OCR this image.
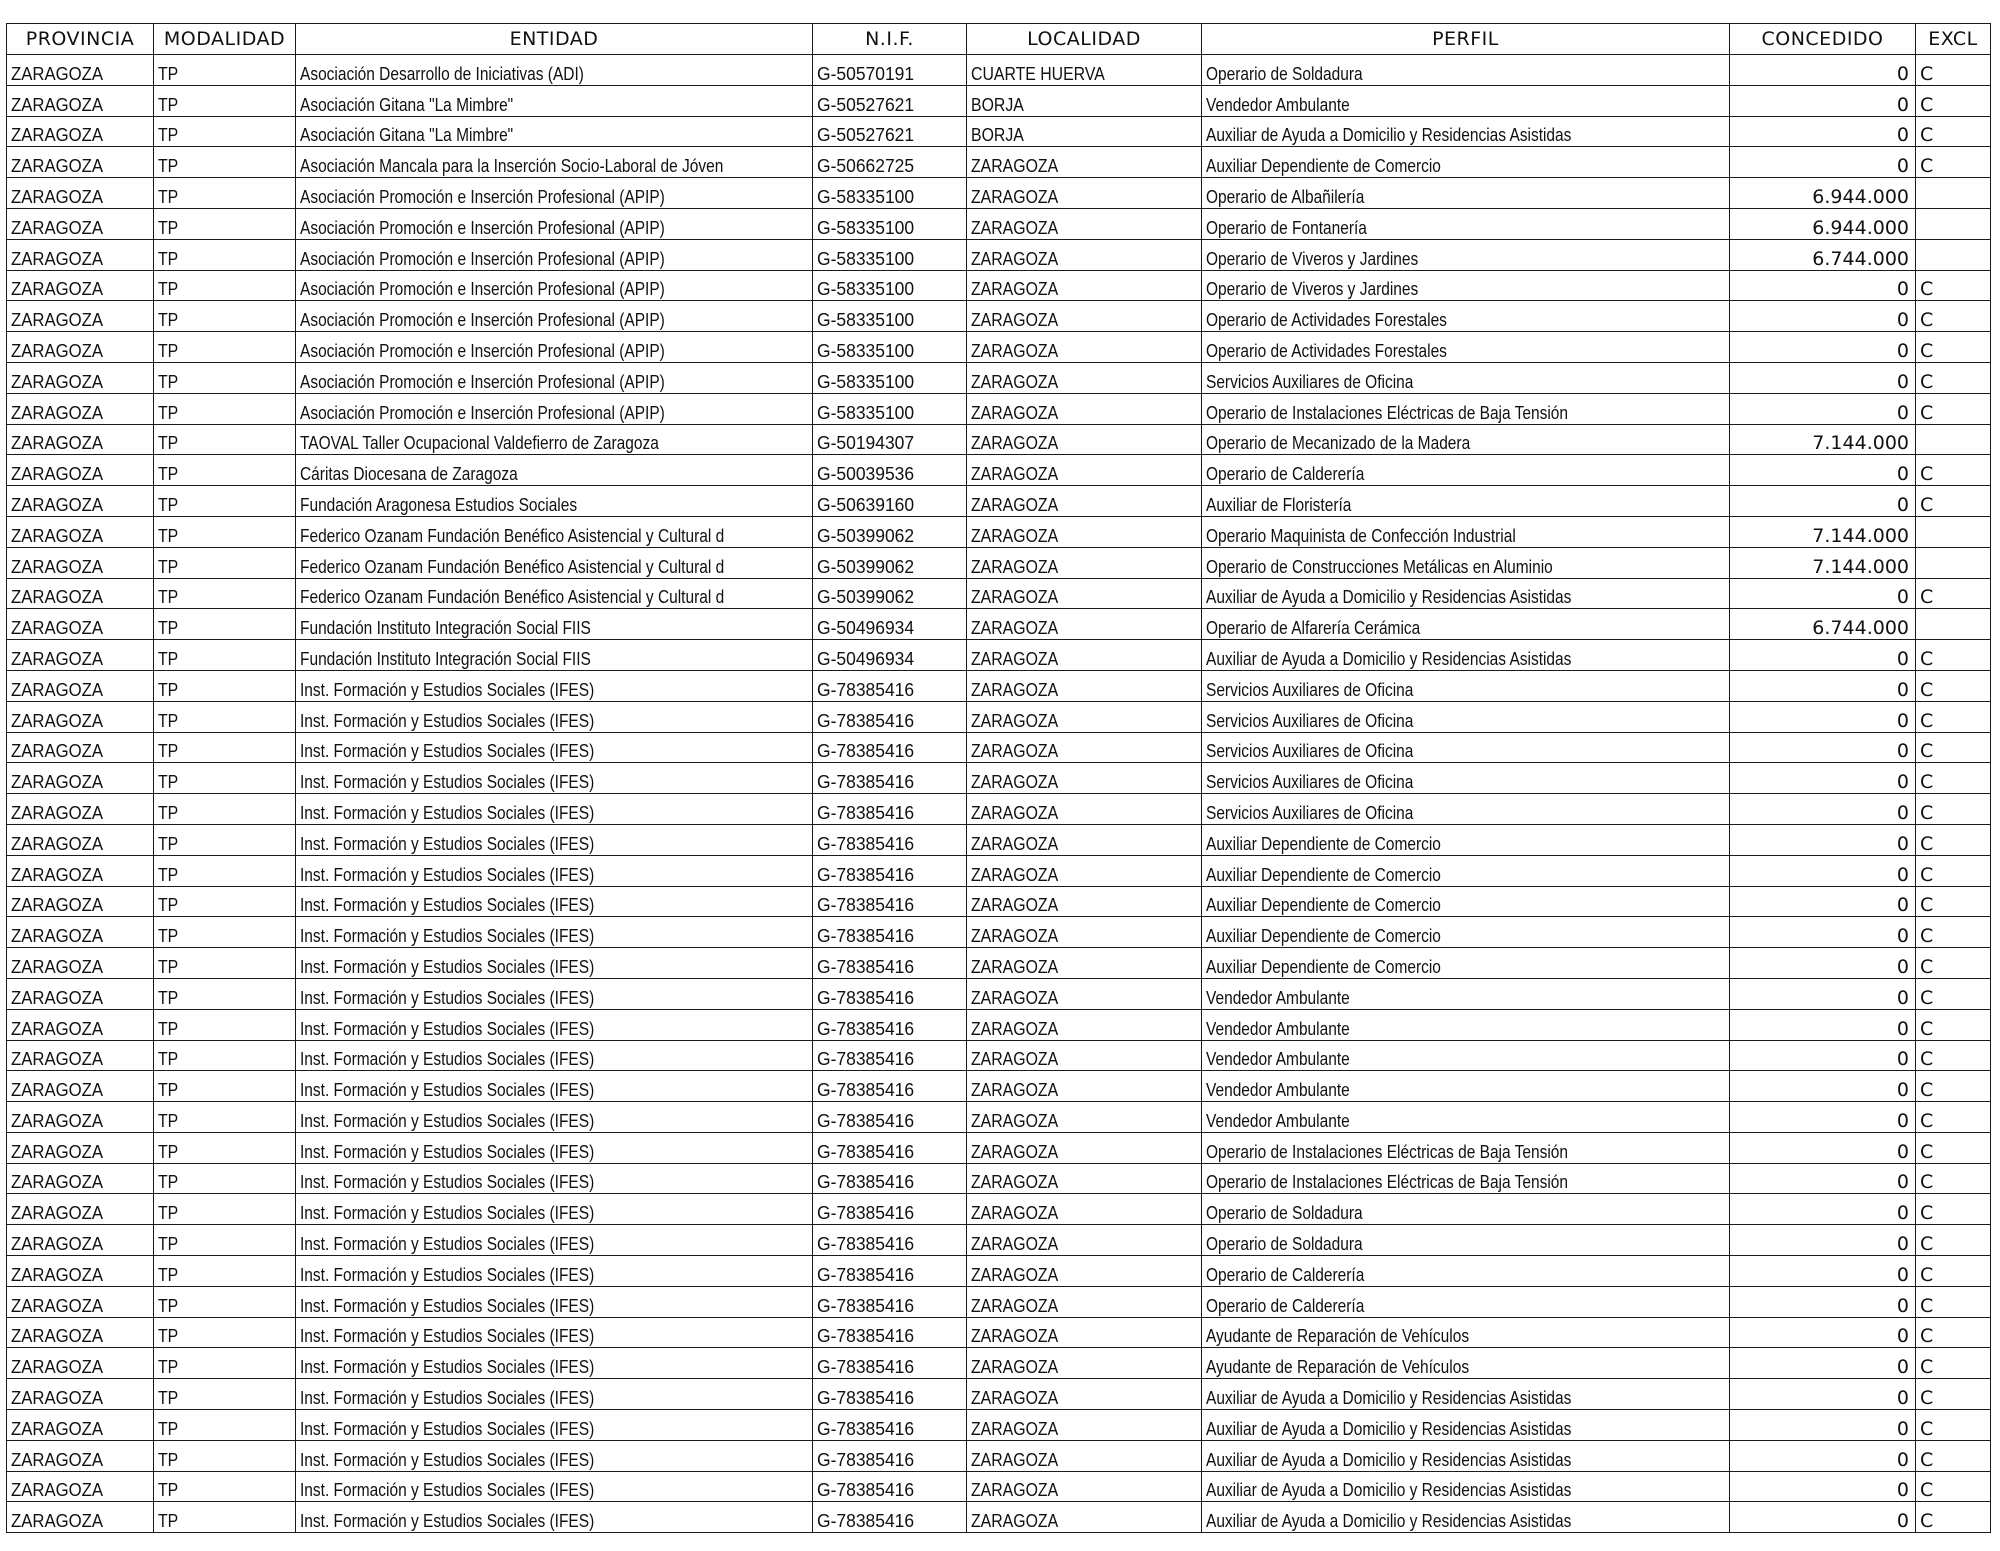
PROVINCIA	MODALIDAD	ENTIDAD	N.I.F.	LOCALIDAD	PERFIL	CONCEDIDO	EXCL
ZARAGOZA	TP	Asociación Desarrollo de Iniciativas (ADI)	G-50570191	CUARTE HUERVA	Operario de Soldadura	0	C
ZARAGOZA	TP	Asociación Gitana "La Mimbre"	G-50527621	BORJA	Vendedor Ambulante	0	C
ZARAGOZA	TP	Asociación Gitana "La Mimbre"	G-50527621	BORJA	Auxiliar de Ayuda a Domicilio y Residencias Asistidas	0	C
ZARAGOZA	TP	Asociación Mancala para la Inserción Socio-Laboral de Jóven	G-50662725	ZARAGOZA	Auxiliar Dependiente de Comercio	0	C
ZARAGOZA	TP	Asociación Promoción e Inserción Profesional (APIP)	G-58335100	ZARAGOZA	Operario de Albañilería	6.944.000	
ZARAGOZA	TP	Asociación Promoción e Inserción Profesional (APIP)	G-58335100	ZARAGOZA	Operario de Fontanería	6.944.000	
ZARAGOZA	TP	Asociación Promoción e Inserción Profesional (APIP)	G-58335100	ZARAGOZA	Operario de Viveros y Jardines	6.744.000	
ZARAGOZA	TP	Asociación Promoción e Inserción Profesional (APIP)	G-58335100	ZARAGOZA	Operario de Viveros y Jardines	0	C
ZARAGOZA	TP	Asociación Promoción e Inserción Profesional (APIP)	G-58335100	ZARAGOZA	Operario de Actividades Forestales	0	C
ZARAGOZA	TP	Asociación Promoción e Inserción Profesional (APIP)	G-58335100	ZARAGOZA	Operario de Actividades Forestales	0	C
ZARAGOZA	TP	Asociación Promoción e Inserción Profesional (APIP)	G-58335100	ZARAGOZA	Servicios Auxiliares de Oficina	0	C
ZARAGOZA	TP	Asociación Promoción e Inserción Profesional (APIP)	G-58335100	ZARAGOZA	Operario de Instalaciones Eléctricas de Baja Tensión	0	C
ZARAGOZA	TP	TAOVAL Taller Ocupacional Valdefierro de Zaragoza	G-50194307	ZARAGOZA	Operario de Mecanizado de la Madera	7.144.000	
ZARAGOZA	TP	Cáritas Diocesana de Zaragoza	G-50039536	ZARAGOZA	Operario de Calderería	0	C
ZARAGOZA	TP	Fundación Aragonesa Estudios Sociales	G-50639160	ZARAGOZA	Auxiliar de Floristería	0	C
ZARAGOZA	TP	Federico Ozanam Fundación Benéfico Asistencial y Cultural d	G-50399062	ZARAGOZA	Operario Maquinista de Confección Industrial	7.144.000	
ZARAGOZA	TP	Federico Ozanam Fundación Benéfico Asistencial y Cultural d	G-50399062	ZARAGOZA	Operario de Construcciones Metálicas en Aluminio	7.144.000	
ZARAGOZA	TP	Federico Ozanam Fundación Benéfico Asistencial y Cultural d	G-50399062	ZARAGOZA	Auxiliar de Ayuda a Domicilio y Residencias Asistidas	0	C
ZARAGOZA	TP	Fundación Instituto Integración Social FIIS	G-50496934	ZARAGOZA	Operario de Alfarería Cerámica	6.744.000	
ZARAGOZA	TP	Fundación Instituto Integración Social FIIS	G-50496934	ZARAGOZA	Auxiliar de Ayuda a Domicilio y Residencias Asistidas	0	C
ZARAGOZA	TP	Inst. Formación y Estudios Sociales (IFES)	G-78385416	ZARAGOZA	Servicios Auxiliares de Oficina	0	C
ZARAGOZA	TP	Inst. Formación y Estudios Sociales (IFES)	G-78385416	ZARAGOZA	Servicios Auxiliares de Oficina	0	C
ZARAGOZA	TP	Inst. Formación y Estudios Sociales (IFES)	G-78385416	ZARAGOZA	Servicios Auxiliares de Oficina	0	C
ZARAGOZA	TP	Inst. Formación y Estudios Sociales (IFES)	G-78385416	ZARAGOZA	Servicios Auxiliares de Oficina	0	C
ZARAGOZA	TP	Inst. Formación y Estudios Sociales (IFES)	G-78385416	ZARAGOZA	Servicios Auxiliares de Oficina	0	C
ZARAGOZA	TP	Inst. Formación y Estudios Sociales (IFES)	G-78385416	ZARAGOZA	Auxiliar Dependiente de Comercio	0	C
ZARAGOZA	TP	Inst. Formación y Estudios Sociales (IFES)	G-78385416	ZARAGOZA	Auxiliar Dependiente de Comercio	0	C
ZARAGOZA	TP	Inst. Formación y Estudios Sociales (IFES)	G-78385416	ZARAGOZA	Auxiliar Dependiente de Comercio	0	C
ZARAGOZA	TP	Inst. Formación y Estudios Sociales (IFES)	G-78385416	ZARAGOZA	Auxiliar Dependiente de Comercio	0	C
ZARAGOZA	TP	Inst. Formación y Estudios Sociales (IFES)	G-78385416	ZARAGOZA	Auxiliar Dependiente de Comercio	0	C
ZARAGOZA	TP	Inst. Formación y Estudios Sociales (IFES)	G-78385416	ZARAGOZA	Vendedor Ambulante	0	C
ZARAGOZA	TP	Inst. Formación y Estudios Sociales (IFES)	G-78385416	ZARAGOZA	Vendedor Ambulante	0	C
ZARAGOZA	TP	Inst. Formación y Estudios Sociales (IFES)	G-78385416	ZARAGOZA	Vendedor Ambulante	0	C
ZARAGOZA	TP	Inst. Formación y Estudios Sociales (IFES)	G-78385416	ZARAGOZA	Vendedor Ambulante	0	C
ZARAGOZA	TP	Inst. Formación y Estudios Sociales (IFES)	G-78385416	ZARAGOZA	Vendedor Ambulante	0	C
ZARAGOZA	TP	Inst. Formación y Estudios Sociales (IFES)	G-78385416	ZARAGOZA	Operario de Instalaciones Eléctricas de Baja Tensión	0	C
ZARAGOZA	TP	Inst. Formación y Estudios Sociales (IFES)	G-78385416	ZARAGOZA	Operario de Instalaciones Eléctricas de Baja Tensión	0	C
ZARAGOZA	TP	Inst. Formación y Estudios Sociales (IFES)	G-78385416	ZARAGOZA	Operario de Soldadura	0	C
ZARAGOZA	TP	Inst. Formación y Estudios Sociales (IFES)	G-78385416	ZARAGOZA	Operario de Soldadura	0	C
ZARAGOZA	TP	Inst. Formación y Estudios Sociales (IFES)	G-78385416	ZARAGOZA	Operario de Calderería	0	C
ZARAGOZA	TP	Inst. Formación y Estudios Sociales (IFES)	G-78385416	ZARAGOZA	Operario de Calderería	0	C
ZARAGOZA	TP	Inst. Formación y Estudios Sociales (IFES)	G-78385416	ZARAGOZA	Ayudante de Reparación de Vehículos	0	C
ZARAGOZA	TP	Inst. Formación y Estudios Sociales (IFES)	G-78385416	ZARAGOZA	Ayudante de Reparación de Vehículos	0	C
ZARAGOZA	TP	Inst. Formación y Estudios Sociales (IFES)	G-78385416	ZARAGOZA	Auxiliar de Ayuda a Domicilio y Residencias Asistidas	0	C
ZARAGOZA	TP	Inst. Formación y Estudios Sociales (IFES)	G-78385416	ZARAGOZA	Auxiliar de Ayuda a Domicilio y Residencias Asistidas	0	C
ZARAGOZA	TP	Inst. Formación y Estudios Sociales (IFES)	G-78385416	ZARAGOZA	Auxiliar de Ayuda a Domicilio y Residencias Asistidas	0	C
ZARAGOZA	TP	Inst. Formación y Estudios Sociales (IFES)	G-78385416	ZARAGOZA	Auxiliar de Ayuda a Domicilio y Residencias Asistidas	0	C
ZARAGOZA	TP	Inst. Formación y Estudios Sociales (IFES)	G-78385416	ZARAGOZA	Auxiliar de Ayuda a Domicilio y Residencias Asistidas	0	C
